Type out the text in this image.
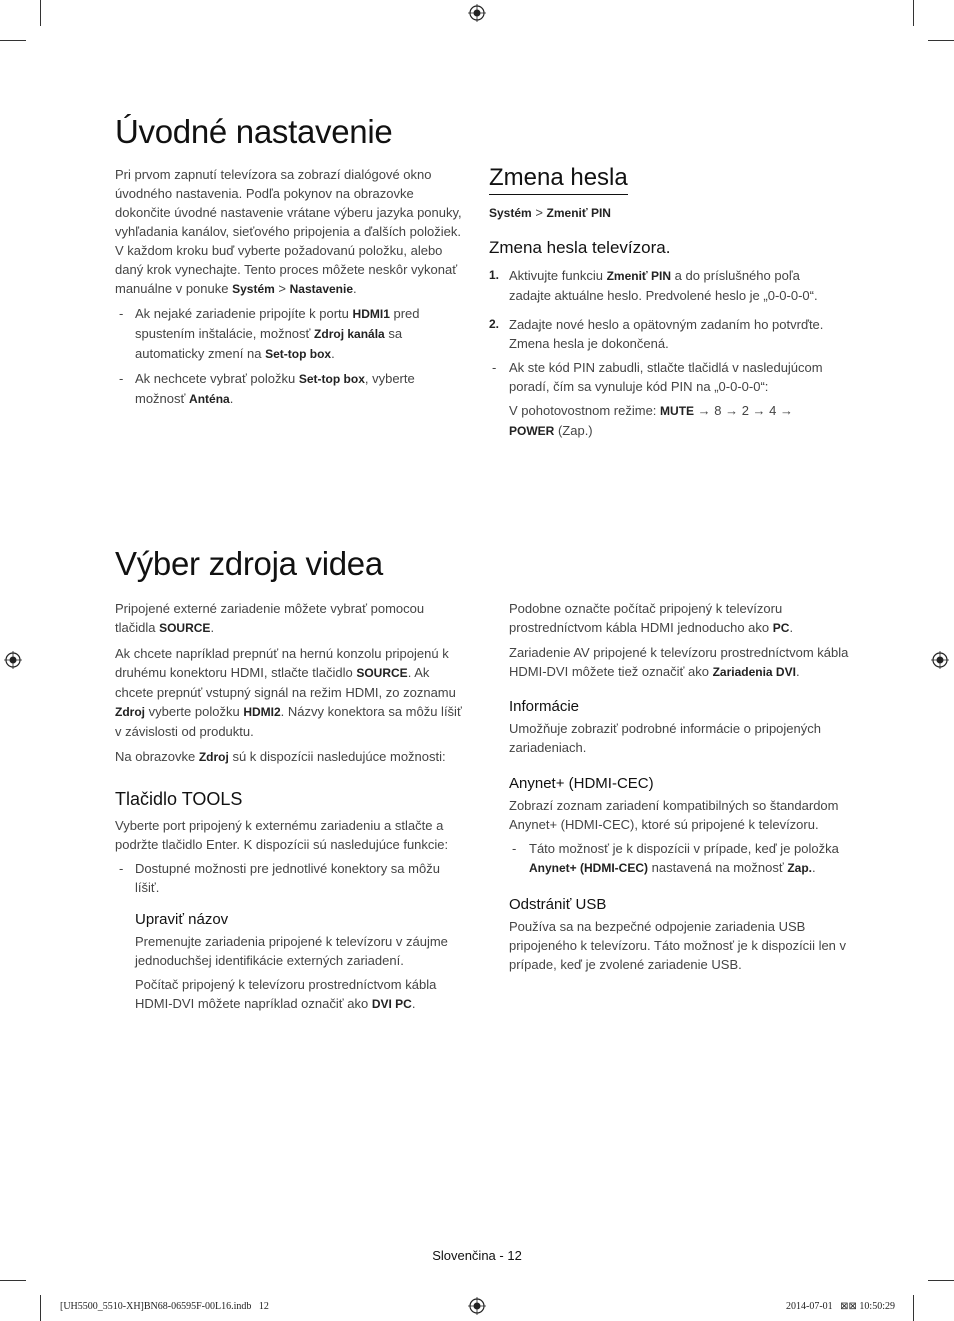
Úvodné nastavenie

Pri prvom zapnutí televízora sa zobrazí dialógové okno úvodného nastavenia. Podľa pokynov na obrazovke dokončite úvodné nastavenie vrátane výberu jazyka ponuky, vyhľadania kanálov, sieťového pripojenia a ďalších položiek. V každom kroku buď vyberte požadovanú položku, alebo daný krok vynechajte. Tento proces môžete neskôr vykonať manuálne v ponuke Systém > Nastavenie.

- Ak nejaké zariadenie pripojíte k portu HDMI1 pred spustením inštalácie, možnosť Zdroj kanála sa automaticky zmení na Set-top box.

- Ak nechcete vybrať položku Set-top box, vyberte možnosť Anténa.

Zmena hesla

Systém > Zmeniť PIN

Zmena hesla televízora.

1. Aktivujte funkciu Zmeniť PIN a do príslušného poľa zadajte aktuálne heslo. Predvolené heslo je „0-0-0-0“.

2. Zadajte nové heslo a opätovným zadaním ho potvrďte. Zmena hesla je dokončená.

- Ak ste kód PIN zabudli, stlačte tlačidlá v nasledujúcom poradí, čím sa vynuluje kód PIN na „0-0-0-0“:

V pohotovostnom režime: MUTE → 8 → 2 → 4 →
POWER (Zap.)

Výber zdroja videa

Pripojené externé zariadenie môžete vybrať pomocou tlačidla SOURCE.

Ak chcete napríklad prepnúť na hernú konzolu pripojenú k druhému konektoru HDMI, stlačte tlačidlo SOURCE. Ak chcete prepnúť vstupný signál na režim HDMI, zo zoznamu Zdroj vyberte položku HDMI2. Názvy konektora sa môžu líšiť v závislosti od produktu.

Na obrazovke Zdroj sú k dispozícii nasledujúce možnosti:

Tlačidlo TOOLS

Vyberte port pripojený k externému zariadeniu a stlačte a podržte tlačidlo Enter. K dispozícii sú nasledujúce funkcie:

- Dostupné možnosti pre jednotlivé konektory sa môžu líšiť.

Upraviť názov

Premenujte zariadenia pripojené k televízoru v záujme jednoduchšej identifikácie externých zariadení.

Počítač pripojený k televízoru prostredníctvom kábla HDMI-DVI môžete napríklad označiť ako DVI PC.

Podobne označte počítač pripojený k televízoru prostredníctvom kábla HDMI jednoducho ako PC.

Zariadenie AV pripojené k televízoru prostredníctvom kábla HDMI-DVI môžete tiež označiť ako Zariadenia DVI.

Informácie

Umožňuje zobraziť podrobné informácie o pripojených zariadeniach.

Anynet+ (HDMI-CEC)

Zobrazí zoznam zariadení kompatibilných so štandardom Anynet+ (HDMI-CEC), ktoré sú pripojené k televízoru.

- Táto možnosť je k dispozícii v prípade, keď je položka Anynet+ (HDMI-CEC) nastavená na možnosť Zap..

Odstrániť USB

Používa sa na bezpečné odpojenie zariadenia USB pripojeného k televízoru. Táto možnosť je k dispozícii len v prípade, keď je zvolené zariadenie USB.

Slovenčina - 12
[UH5500_5510-XH]BN68-06595F-00L16.indb   12	2014-07-01   ⊠⊠ 10:50:29
